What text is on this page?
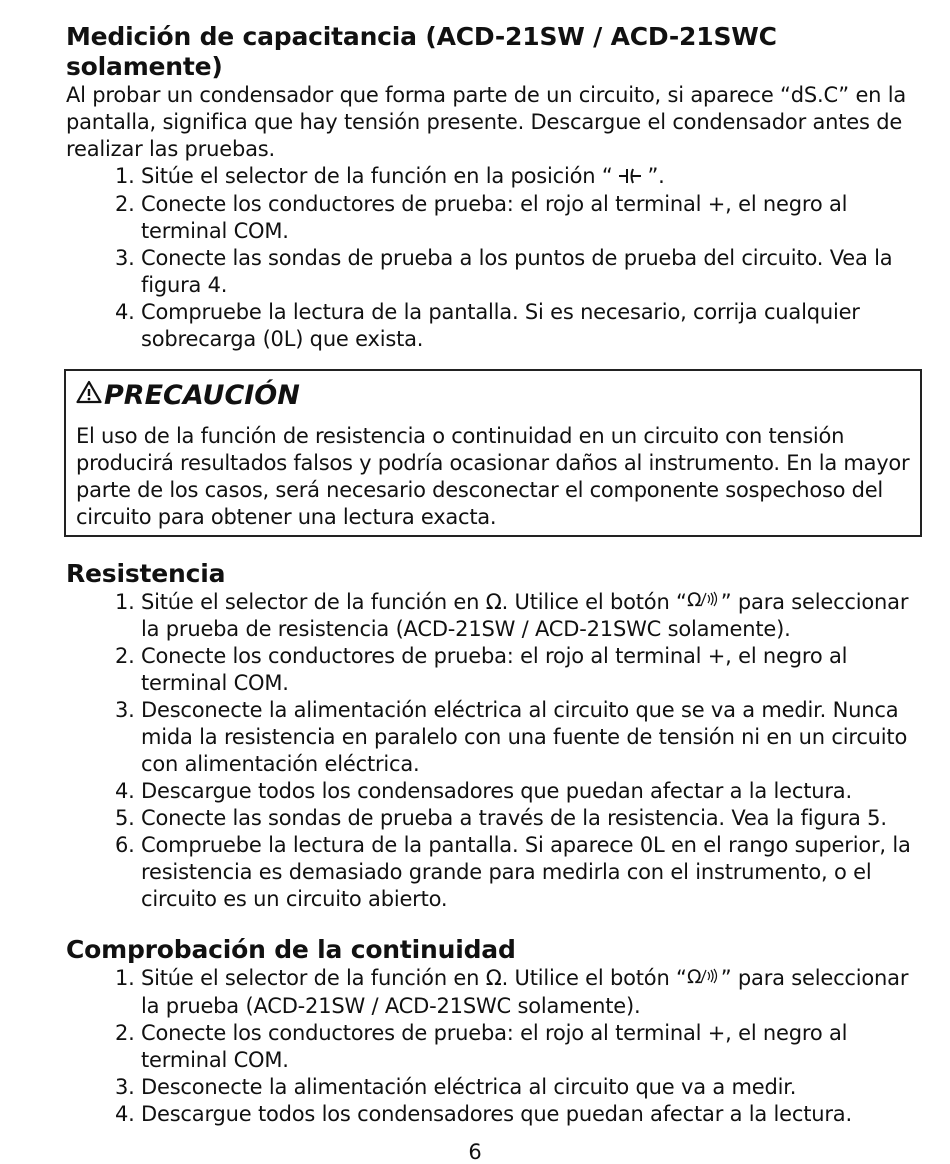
Medición de capacitancia (ACD-21SW / ACD-21SWC solamente)

Al probar un condensador que forma parte de un circuito, si aparece “dS.C” en la pantalla, significa que hay tensión presente. Descargue el condensador antes de realizar las pruebas.

1. Sitúe el selector de la función en la posición “  ”.
2. Conecte los conductores de prueba: el rojo al terminal +, el negro al terminal COM.
3. Conecte las sondas de prueba a los puntos de prueba del circuito. Vea la figura 4.
4. Compruebe la lectura de la pantalla. Si es necesario, corrija cualquier sobrecarga (0L) que exista.
PRECAUCIÓN

El uso de la función de resistencia o continuidad en un circuito con tensión producirá resultados falsos y podría ocasionar daños al instrumento. En la mayor parte de los casos, será necesario desconectar el componente sospechoso del circuito para obtener una lectura exacta.

Resistencia
1. Sitúe el selector de la función en Ω. Utilice el botón “ Ω ” para seleccionar la prueba de resistencia (ACD-21SW / ACD-21SWC solamente).
2. Conecte los conductores de prueba: el rojo al terminal +, el negro al terminal COM.
3. Desconecte la alimentación eléctrica al circuito que se va a medir. Nunca mida la resistencia en paralelo con una fuente de tensión ni en un circuito con alimentación eléctrica.
4. Descargue todos los condensadores que puedan afectar a la lectura.
5. Conecte las sondas de prueba a través de la resistencia. Vea la figura 5.
6. Compruebe la lectura de la pantalla. Si aparece 0L en el rango superior, la resistencia es demasiado grande para medirla con el instrumento, o el circuito es un circuito abierto.
Comprobación de la continuidad
1. Sitúe el selector de la función en Ω. Utilice el botón “ Ω ” para seleccionar la prueba (ACD-21SW / ACD-21SWC solamente).
2. Conecte los conductores de prueba: el rojo al terminal +, el negro al terminal COM.
3. Desconecte la alimentación eléctrica al circuito que va a medir.
4. Descargue todos los condensadores que puedan afectar a la lectura.
6
